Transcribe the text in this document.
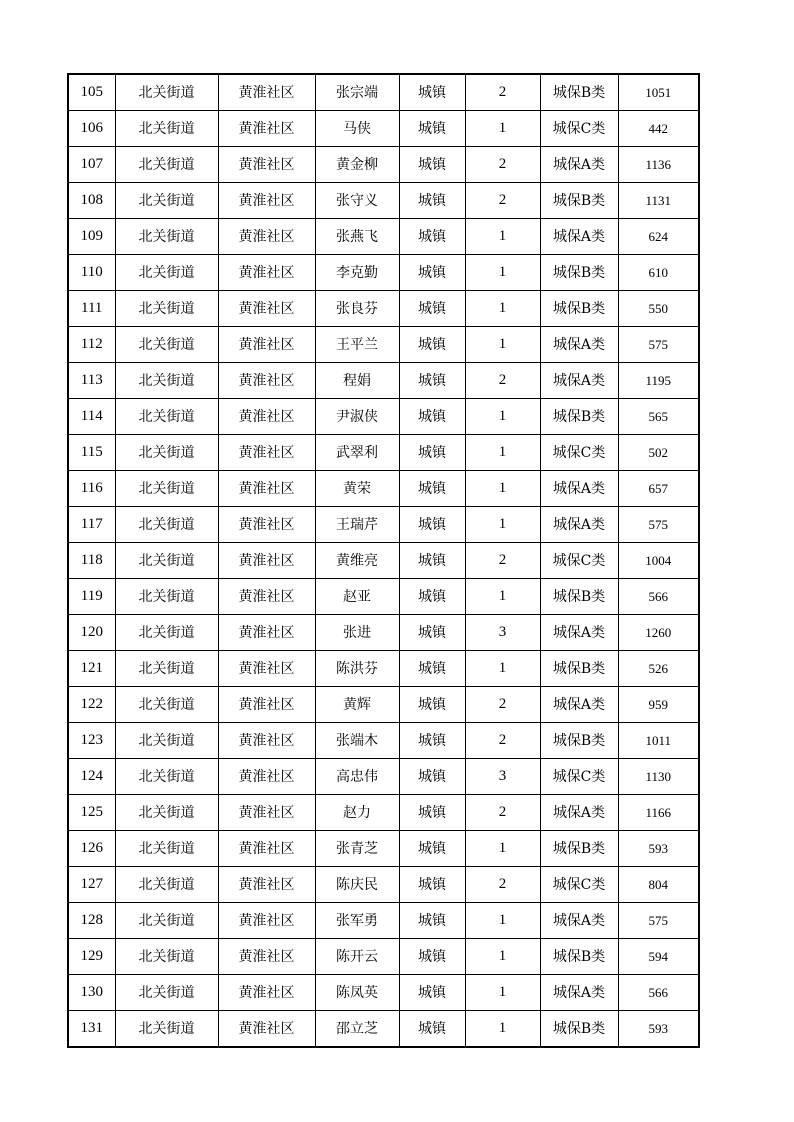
105	北关街道	黄淮社区	张宗端	城镇	2	城保B类	1051
106	北关街道	黄淮社区	马侠	城镇	1	城保C类	442
107	北关街道	黄淮社区	黄金柳	城镇	2	城保A类	1136
108	北关街道	黄淮社区	张守义	城镇	2	城保B类	1131
109	北关街道	黄淮社区	张燕飞	城镇	1	城保A类	624
110	北关街道	黄淮社区	李克勤	城镇	1	城保B类	610
111	北关街道	黄淮社区	张良芬	城镇	1	城保B类	550
112	北关街道	黄淮社区	王平兰	城镇	1	城保A类	575
113	北关街道	黄淮社区	程娟	城镇	2	城保A类	1195
114	北关街道	黄淮社区	尹淑侠	城镇	1	城保B类	565
115	北关街道	黄淮社区	武翠利	城镇	1	城保C类	502
116	北关街道	黄淮社区	黄荣	城镇	1	城保A类	657
117	北关街道	黄淮社区	王瑞芹	城镇	1	城保A类	575
118	北关街道	黄淮社区	黄维亮	城镇	2	城保C类	1004
119	北关街道	黄淮社区	赵亚	城镇	1	城保B类	566
120	北关街道	黄淮社区	张进	城镇	3	城保A类	1260
121	北关街道	黄淮社区	陈洪芬	城镇	1	城保B类	526
122	北关街道	黄淮社区	黄辉	城镇	2	城保A类	959
123	北关街道	黄淮社区	张端木	城镇	2	城保B类	1011
124	北关街道	黄淮社区	高忠伟	城镇	3	城保C类	1130
125	北关街道	黄淮社区	赵力	城镇	2	城保A类	1166
126	北关街道	黄淮社区	张青芝	城镇	1	城保B类	593
127	北关街道	黄淮社区	陈庆民	城镇	2	城保C类	804
128	北关街道	黄淮社区	张军勇	城镇	1	城保A类	575
129	北关街道	黄淮社区	陈开云	城镇	1	城保B类	594
130	北关街道	黄淮社区	陈凤英	城镇	1	城保A类	566
131	北关街道	黄淮社区	邵立芝	城镇	1	城保B类	593
